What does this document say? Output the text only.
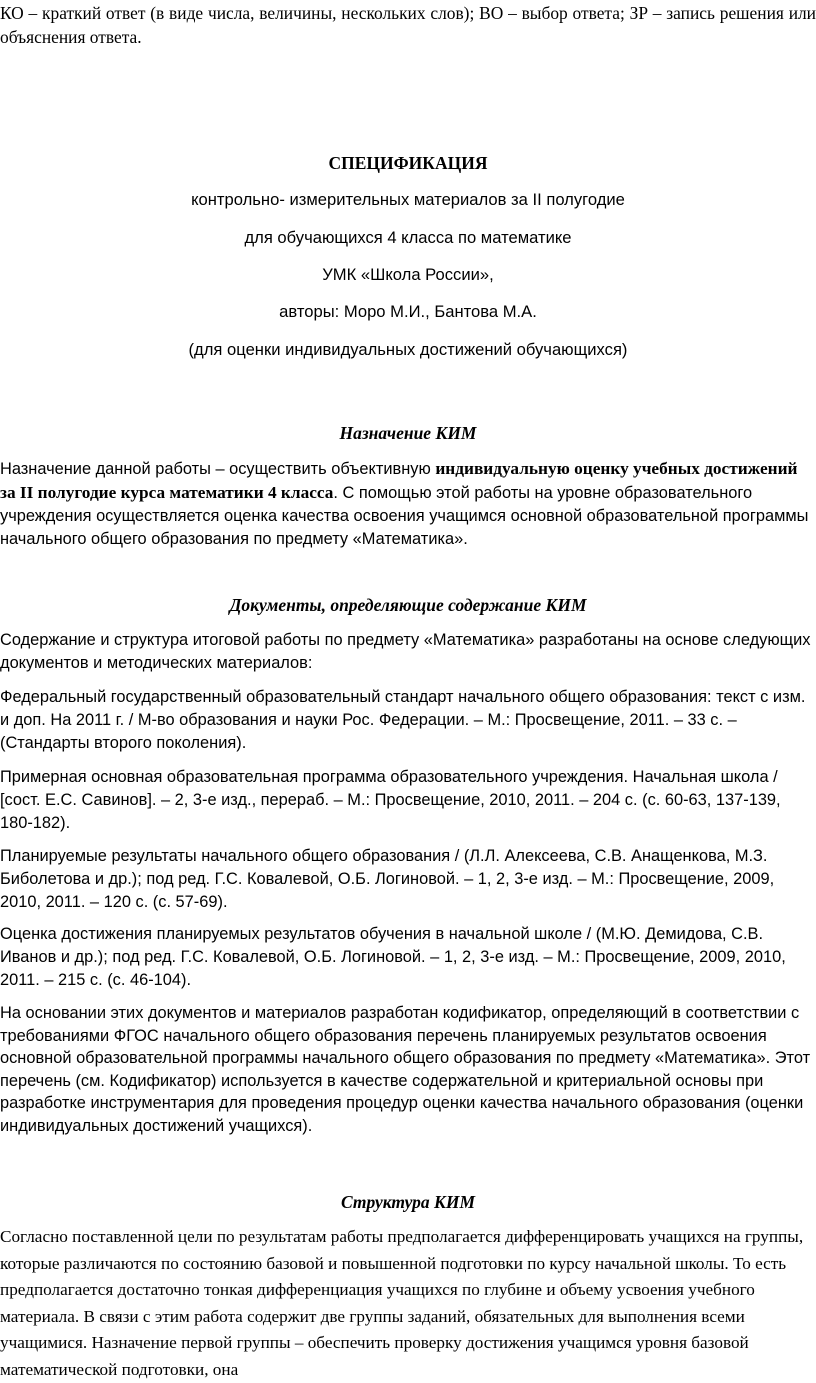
КО – краткий ответ (в виде числа, величины, нескольких слов); ВО – выбор ответа; ЗР – запись решения или объяснения ответа.

СПЕЦИФИКАЦИЯ

контрольно- измерительных материалов за II полугодие

для обучающихся 4 класса по математике

УМК «Школа России»,

авторы: Моро М.И., Бантова М.А.

(для оценки индивидуальных достижений обучающихся)

Назначение КИМ

Назначение данной работы – осуществить объективную индивидуальную оценку учебных достижений за II полугодие курса математики 4 класса. С помощью этой работы на уровне образовательного учреждения осуществляется оценка качества освоения учащимся основной образовательной программы начального общего образования по предмету «Математика».

Документы, определяющие содержание КИМ

Содержание и структура итоговой работы по предмету «Математика» разработаны на основе следующих документов и методических материалов:

Федеральный государственный образовательный стандарт начального общего образования: текст с изм. и доп. На 2011 г. / М-во образования и науки Рос. Федерации. – М.: Просвещение, 2011. – 33 с. – (Стандарты второго поколения).

Примерная основная образовательная программа образовательного учреждения. Начальная школа / [сост. Е.С. Савинов]. – 2, 3-е изд., перераб. – М.: Просвещение, 2010, 2011. – 204 с. (с. 60-63, 137-139, 180-182).

Планируемые результаты начального общего образования / (Л.Л. Алексеева, С.В. Анащенкова, М.З. Биболетова и др.); под ред. Г.С. Ковалевой, О.Б. Логиновой. – 1, 2, 3-е изд. – М.: Просвещение, 2009, 2010, 2011. – 120 с. (с. 57-69).

Оценка достижения планируемых результатов обучения в начальной школе / (М.Ю. Демидова, С.В. Иванов и др.); под ред. Г.С. Ковалевой, О.Б. Логиновой. – 1, 2, 3-е изд. – М.: Просвещение, 2009, 2010, 2011. – 215 с. (с. 46-104).

На основании этих документов и материалов разработан кодификатор, определяющий в соответствии с требованиями ФГОС начального общего образования перечень планируемых результатов освоения основной образовательной программы начального общего образования по предмету «Математика». Этот перечень (см. Кодификатор) используется в качестве содержательной и критериальной основы при разработке инструментария для проведения процедур оценки качества начального образования (оценки индивидуальных достижений учащихся).

Структура КИМ

Согласно поставленной цели по результатам работы предполагается дифференцировать учащихся на группы, которые различаются по состоянию базовой и повышенной подготовки по курсу начальной школы. То есть предполагается достаточно тонкая дифференциация учащихся по глубине и объему усвоения учебного материала. В связи с этим работа содержит две группы заданий, обязательных для выполнения всеми учащимися. Назначение первой группы – обеспечить проверку достижения учащимся уровня базовой математической подготовки, она
